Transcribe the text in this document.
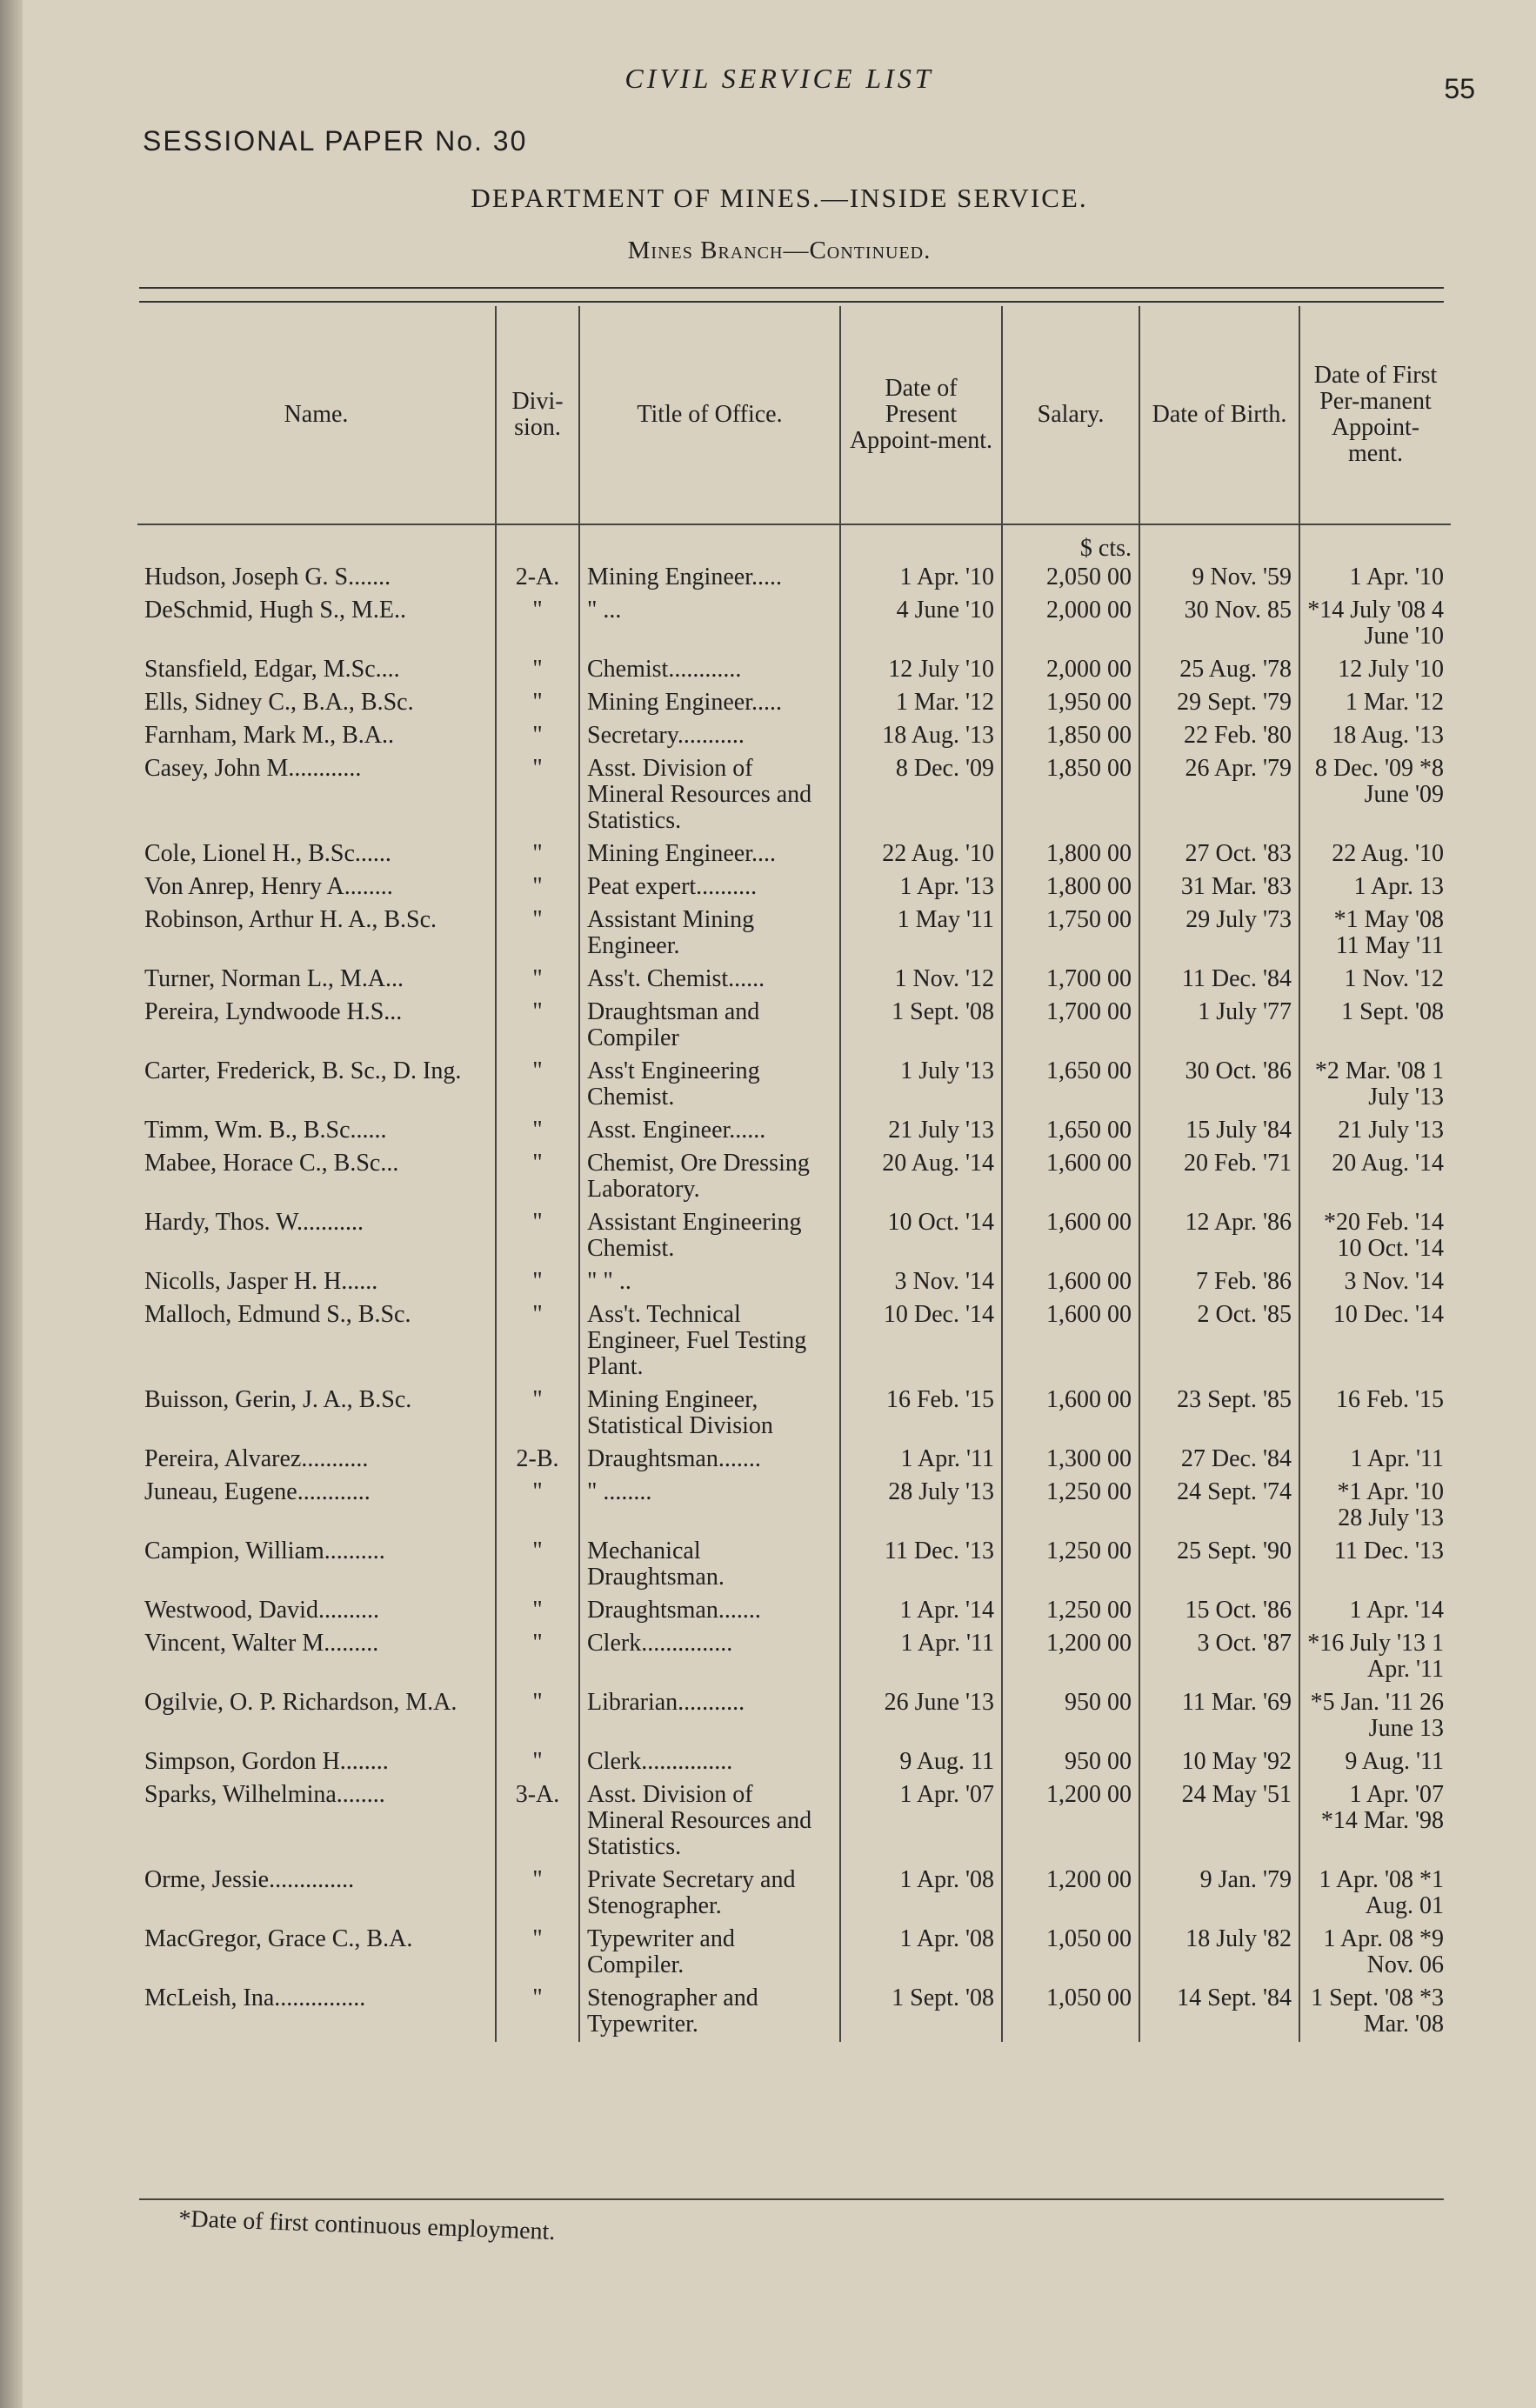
CIVIL SERVICE LIST	55
SESSIONAL PAPER No. 30
DEPARTMENT OF MINES.—INSIDE SERVICE.
Mines Branch—Continued.
Name.	Divi-sion.	Title of Office.	Date of Present Appoint-ment.	Salary.	Date of Birth.	Date of First Per-manent Appoint-ment.
				$ cts.		
Hudson, Joseph G. S.......	2-A.	Mining Engineer.....	1 Apr. '10	2,050 00	9 Nov. '59	1 Apr. '10
DeSchmid, Hugh S., M.E..	"	" ...	4 June '10	2,000 00	30 Nov. 85	*14 July '08 4 June '10
Stansfield, Edgar, M.Sc....	"	Chemist............	12 July '10	2,000 00	25 Aug. '78	12 July '10
Ells, Sidney C., B.A., B.Sc.	"	Mining Engineer.....	1 Mar. '12	1,950 00	29 Sept. '79	1 Mar. '12
Farnham, Mark M., B.A..	"	Secretary...........	18 Aug. '13	1,850 00	22 Feb. '80	18 Aug. '13
Casey, John M............	"	Asst. Division of Mineral Resources and Statistics.	8 Dec. '09	1,850 00	26 Apr. '79	8 Dec. '09 *8 June '09
Cole, Lionel H., B.Sc......	"	Mining Engineer....	22 Aug. '10	1,800 00	27 Oct. '83	22 Aug. '10
Von Anrep, Henry A........	"	Peat expert..........	1 Apr. '13	1,800 00	31 Mar. '83	1 Apr. 13
Robinson, Arthur H. A., B.Sc.	"	Assistant Mining Engineer.	1 May '11	1,750 00	29 July '73	*1 May '08 11 May '11
Turner, Norman L., M.A...	"	Ass't. Chemist......	1 Nov. '12	1,700 00	11 Dec. '84	1 Nov. '12
Pereira, Lyndwoode H.S...	"	Draughtsman and Compiler	1 Sept. '08	1,700 00	1 July '77	1 Sept. '08
Carter, Frederick, B. Sc., D. Ing.	"	Ass't Engineering Chemist.	1 July '13	1,650 00	30 Oct. '86	*2 Mar. '08 1 July '13
Timm, Wm. B., B.Sc......	"	Asst. Engineer......	21 July '13	1,650 00	15 July '84	21 July '13
Mabee, Horace C., B.Sc...	"	Chemist, Ore Dressing Laboratory.	20 Aug. '14	1,600 00	20 Feb. '71	20 Aug. '14
Hardy, Thos. W...........	"	Assistant Engineering Chemist.	10 Oct. '14	1,600 00	12 Apr. '86	*20 Feb. '14 10 Oct. '14
Nicolls, Jasper H. H......	"	" " ..	3 Nov. '14	1,600 00	7 Feb. '86	3 Nov. '14
Malloch, Edmund S., B.Sc.	"	Ass't. Technical Engineer, Fuel Testing Plant.	10 Dec. '14	1,600 00	2 Oct. '85	10 Dec. '14
Buisson, Gerin, J. A., B.Sc.	"	Mining Engineer, Statistical Division	16 Feb. '15	1,600 00	23 Sept. '85	16 Feb. '15
Pereira, Alvarez...........	2-B.	Draughtsman.......	1 Apr. '11	1,300 00	27 Dec. '84	1 Apr. '11
Juneau, Eugene............	"	" ........	28 July '13	1,250 00	24 Sept. '74	*1 Apr. '10 28 July '13
Campion, William..........	"	Mechanical Draughtsman.	11 Dec. '13	1,250 00	25 Sept. '90	11 Dec. '13
Westwood, David..........	"	Draughtsman.......	1 Apr. '14	1,250 00	15 Oct. '86	1 Apr. '14
Vincent, Walter M.........	"	Clerk...............	1 Apr. '11	1,200 00	3 Oct. '87	*16 July '13 1 Apr. '11
Ogilvie, O. P. Richardson, M.A.	"	Librarian...........	26 June '13	950 00	11 Mar. '69	*5 Jan. '11 26 June 13
Simpson, Gordon H........	"	Clerk...............	9 Aug. 11	950 00	10 May '92	9 Aug. '11
Sparks, Wilhelmina........	3-A.	Asst. Division of Mineral Resources and Statistics.	1 Apr. '07	1,200 00	24 May '51	1 Apr. '07 *14 Mar. '98
Orme, Jessie..............	"	Private Secretary and Stenographer.	1 Apr. '08	1,200 00	9 Jan. '79	1 Apr. '08 *1 Aug. 01
MacGregor, Grace C., B.A.	"	Typewriter and Compiler.	1 Apr. '08	1,050 00	18 July '82	1 Apr. 08 *9 Nov. 06
McLeish, Ina...............	"	Stenographer and Typewriter.	1 Sept. '08	1,050 00	14 Sept. '84	1 Sept. '08 *3 Mar. '08
*Date of first continuous employment.
